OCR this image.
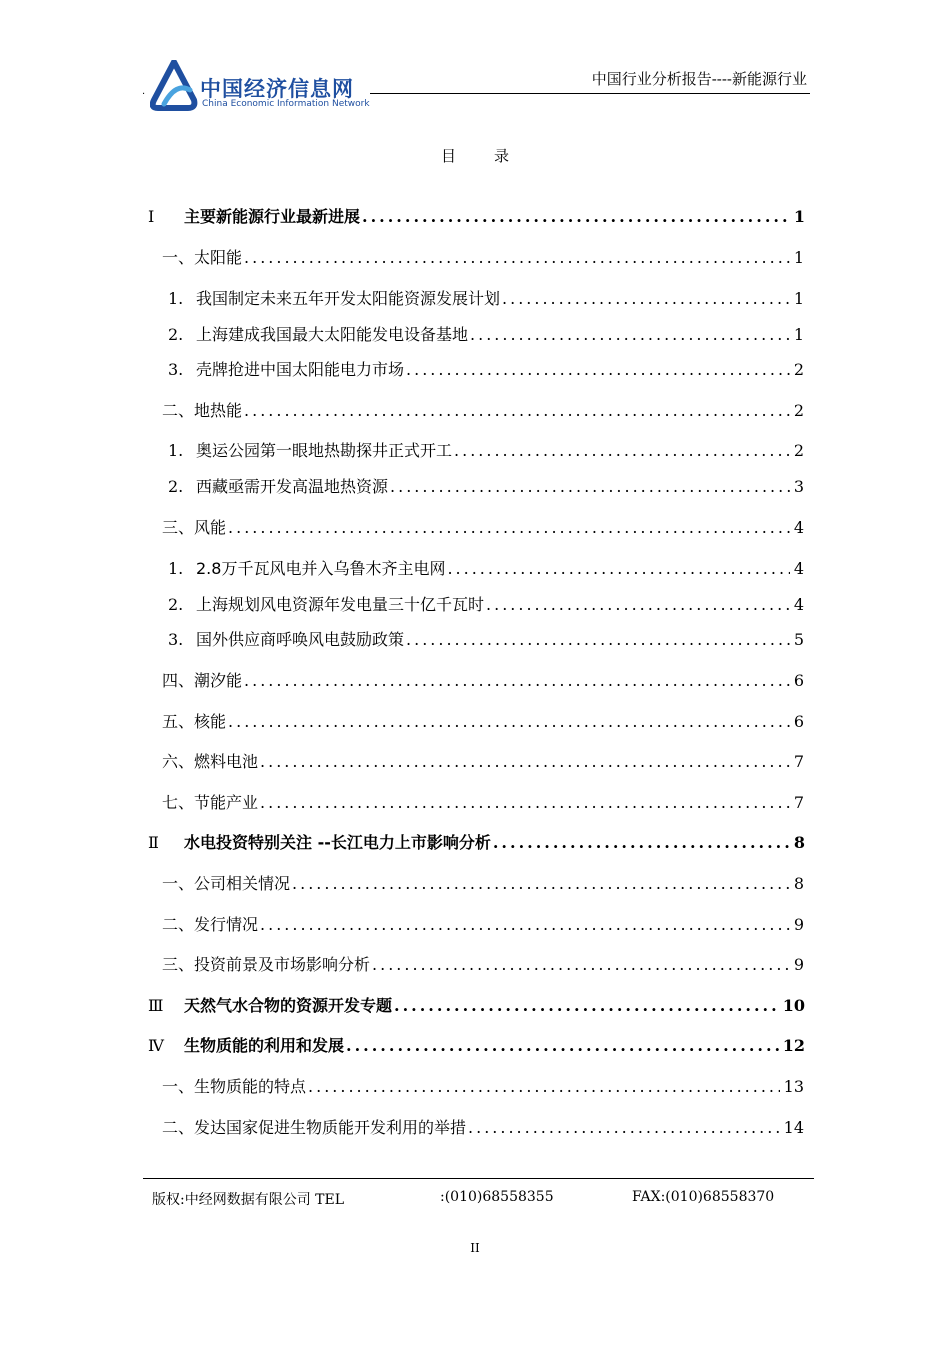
中国经济信息网
China Economic Information Network
.
中国行业分析报告----新能源行业
目	录
Ⅰ	主要新能源行业最新进展 .....	1
一、太阳能 .....	1
1. 我国制定未来五年开发太阳能资源发展计划 .....	1
2. 上海建成我国最大太阳能发电设备基地 .....	1
3. 壳牌抢进中国太阳能电力市场 .....	2
二、地热能 .....	2
1. 奥运公园第一眼地热勘探井正式开工 .....	2
2. 西藏亟需开发高温地热资源 .....	3
三、风能 .....	4
1. 2.8万千瓦风电并入乌鲁木齐主电网 .....	4
2. 上海规划风电资源年发电量三十亿千瓦时 .....	4
3. 国外供应商呼唤风电鼓励政策 .....	5
四、潮汐能 .....	6
五、核能 .....	6
六、燃料电池 .....	7
七、节能产业 .....	7
Ⅱ	水电投资特别关注 --长江电力上市影响分析 .....	8
一、公司相关情况 .....	8
二、发行情况 .....	9
三、投资前景及市场影响分析 .....	9
Ⅲ	天然气水合物的资源开发专题 .....	10
Ⅳ	生物质能的利用和发展 .....	12
一、生物质能的特点 .....	13
二、发达国家促进生物质能开发利用的举措 .....	14
版权:中经网数据有限公司 TEL	:(010)68558355	FAX:(010)68558370
II
